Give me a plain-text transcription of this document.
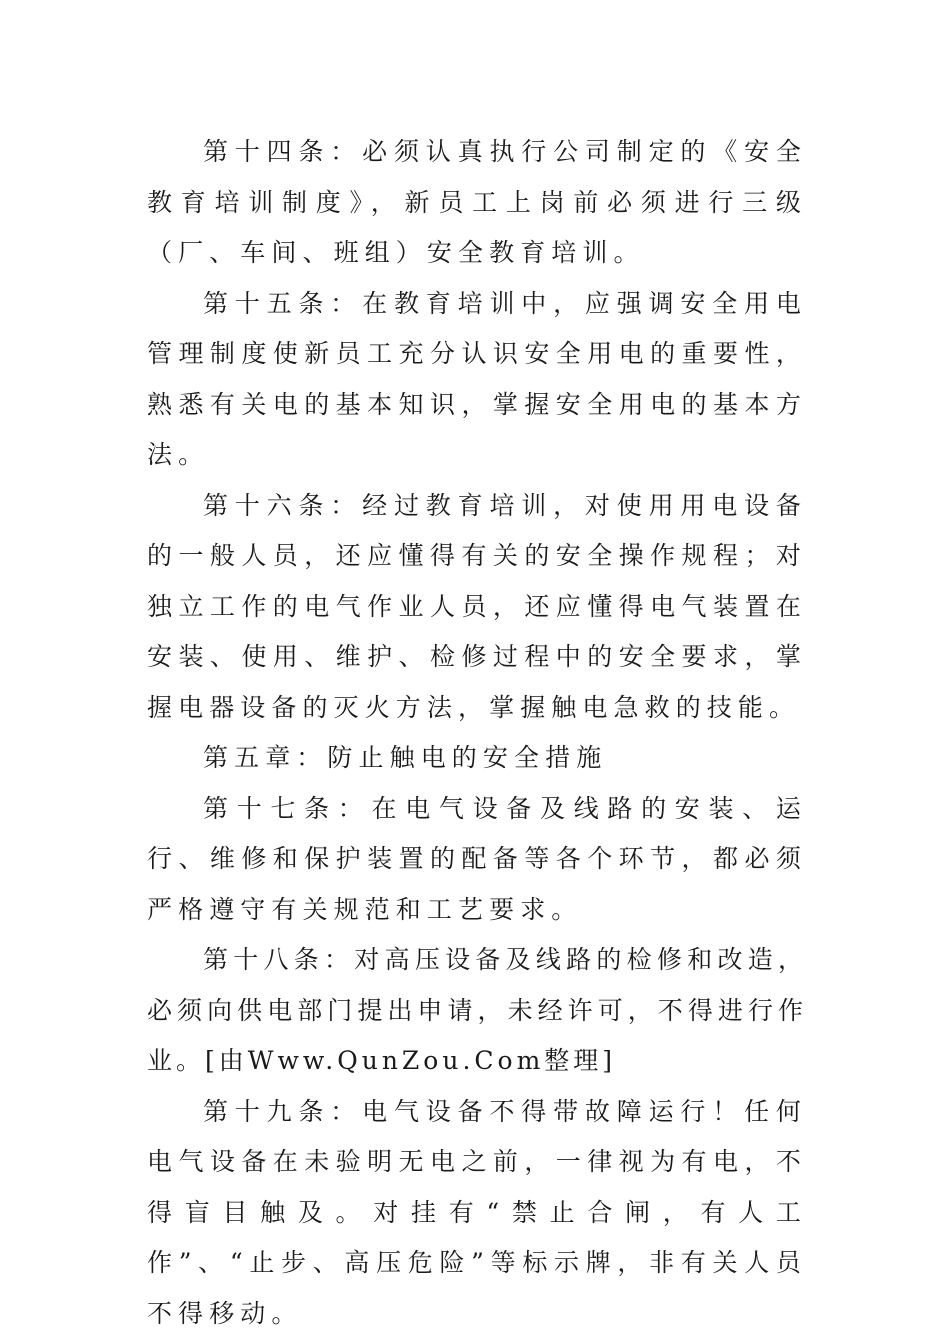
第十四条：必须认真执行公司制定的《安全教育培训制度》，新员工上岗前必须进行三级（厂、车间、班组）安全教育培训。

第十五条：在教育培训中，应强调安全用电管理制度使新员工充分认识安全用电的重要性，熟悉有关电的基本知识，掌握安全用电的基本方法。

第十六条：经过教育培训，对使用用电设备的一般人员，还应懂得有关的安全操作规程；对独立工作的电气作业人员，还应懂得电气装置在安装、使用、维护、检修过程中的安全要求，掌握电器设备的灭火方法，掌握触电急救的技能。

第五章：防止触电的安全措施

第十七条：在电气设备及线路的安装、运行、维修和保护装置的配备等各个环节，都必须严格遵守有关规范和工艺要求。

第十八条：对高压设备及线路的检修和改造，必须向供电部门提出申请，未经许可，不得进行作业。[由Www.QunZou.Com整理]

第十九条：电气设备不得带故障运行！任何电气设备在未验明无电之前，一律视为有电，不得盲目触及。对挂有“禁止合闸，有人工作”、“止步、高压危险”等标示牌，非有关人员不得移动。
